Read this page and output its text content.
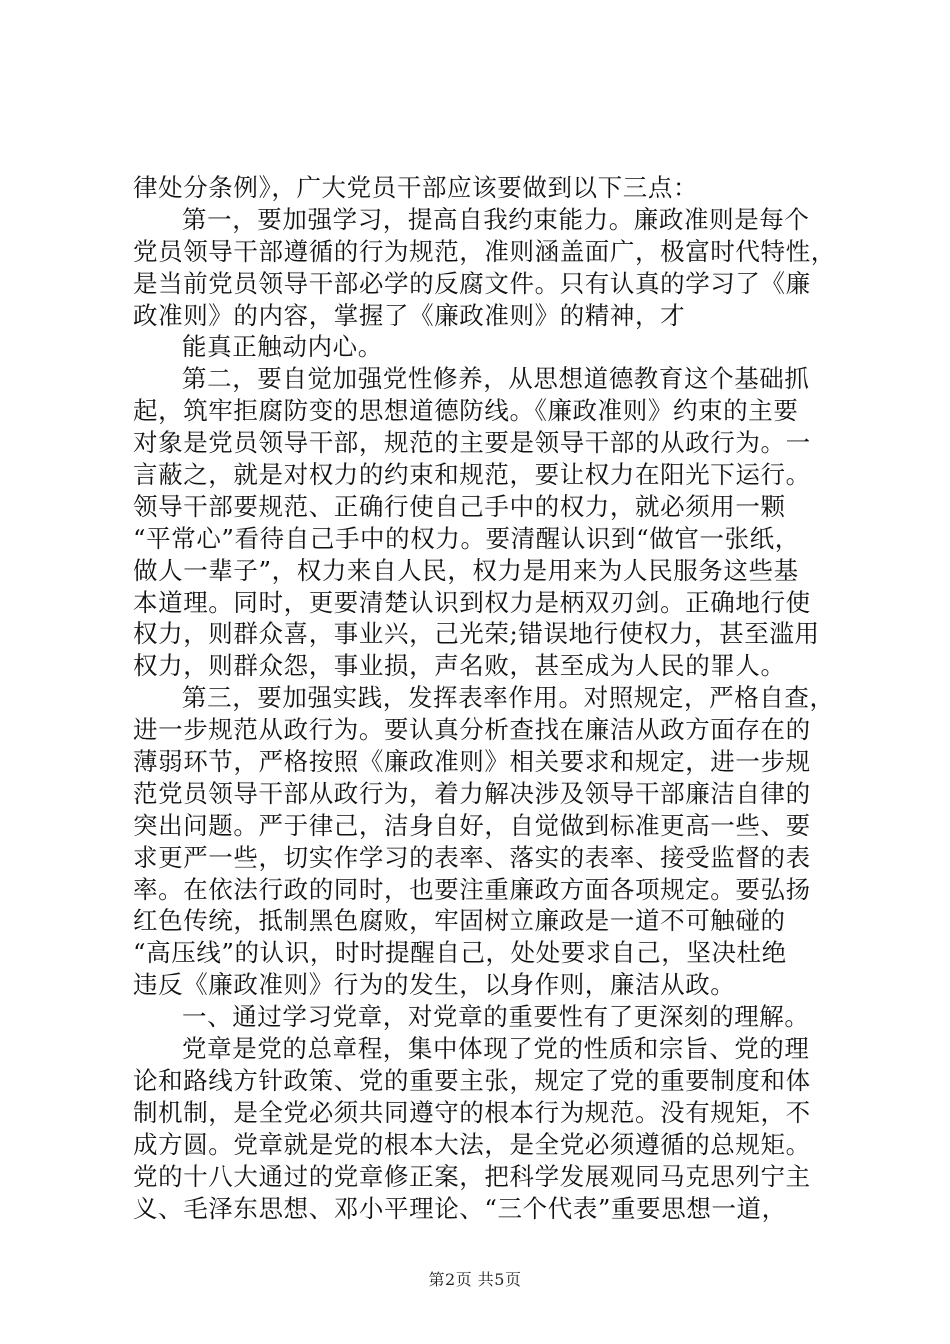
律处分条例》，广大党员干部应该要做到以下三点：
第一，要加强学习，提高自我约束能力。廉政准则是每个
党员领导干部遵循的行为规范，准则涵盖面广，极富时代特性，
是当前党员领导干部必学的反腐文件。只有认真的学习了《廉
政准则》的内容，掌握了《廉政准则》的精神，才
能真正触动内心。
第二，要自觉加强党性修养，从思想道德教育这个基础抓
起，筑牢拒腐防变的思想道德防线。《廉政准则》约束的主要
对象是党员领导干部，规范的主要是领导干部的从政行为。一
言蔽之，就是对权力的约束和规范，要让权力在阳光下运行。
领导干部要规范、正确行使自己手中的权力，就必须用一颗
“平常心”看待自己手中的权力。要清醒认识到“做官一张纸，
做人一辈子”，权力来自人民，权力是用来为人民服务这些基
本道理。同时，更要清楚认识到权力是柄双刃剑。正确地行使
权力，则群众喜，事业兴，己光荣;错误地行使权力，甚至滥用
权力，则群众怨，事业损，声名败，甚至成为人民的罪人。
第三，要加强实践，发挥表率作用。对照规定，严格自查，
进一步规范从政行为。要认真分析查找在廉洁从政方面存在的
薄弱环节，严格按照《廉政准则》相关要求和规定，进一步规
范党员领导干部从政行为，着力解决涉及领导干部廉洁自律的
突出问题。严于律己，洁身自好，自觉做到标准更高一些、要
求更严一些，切实作学习的表率、落实的表率、接受监督的表
率。在依法行政的同时，也要注重廉政方面各项规定。要弘扬
红色传统，抵制黑色腐败，牢固树立廉政是一道不可触碰的
“高压线”的认识，时时提醒自己，处处要求自己，坚决杜绝
违反《廉政准则》行为的发生，以身作则，廉洁从政。
一、通过学习党章，对党章的重要性有了更深刻的理解。
党章是党的总章程，集中体现了党的性质和宗旨、党的理
论和路线方针政策、党的重要主张，规定了党的重要制度和体
制机制，是全党必须共同遵守的根本行为规范。没有规矩，不
成方圆。党章就是党的根本大法，是全党必须遵循的总规矩。
党的十八大通过的党章修正案，把科学发展观同马克思列宁主
义、毛泽东思想、邓小平理论、“三个代表”重要思想一道，
第2页 共5页
